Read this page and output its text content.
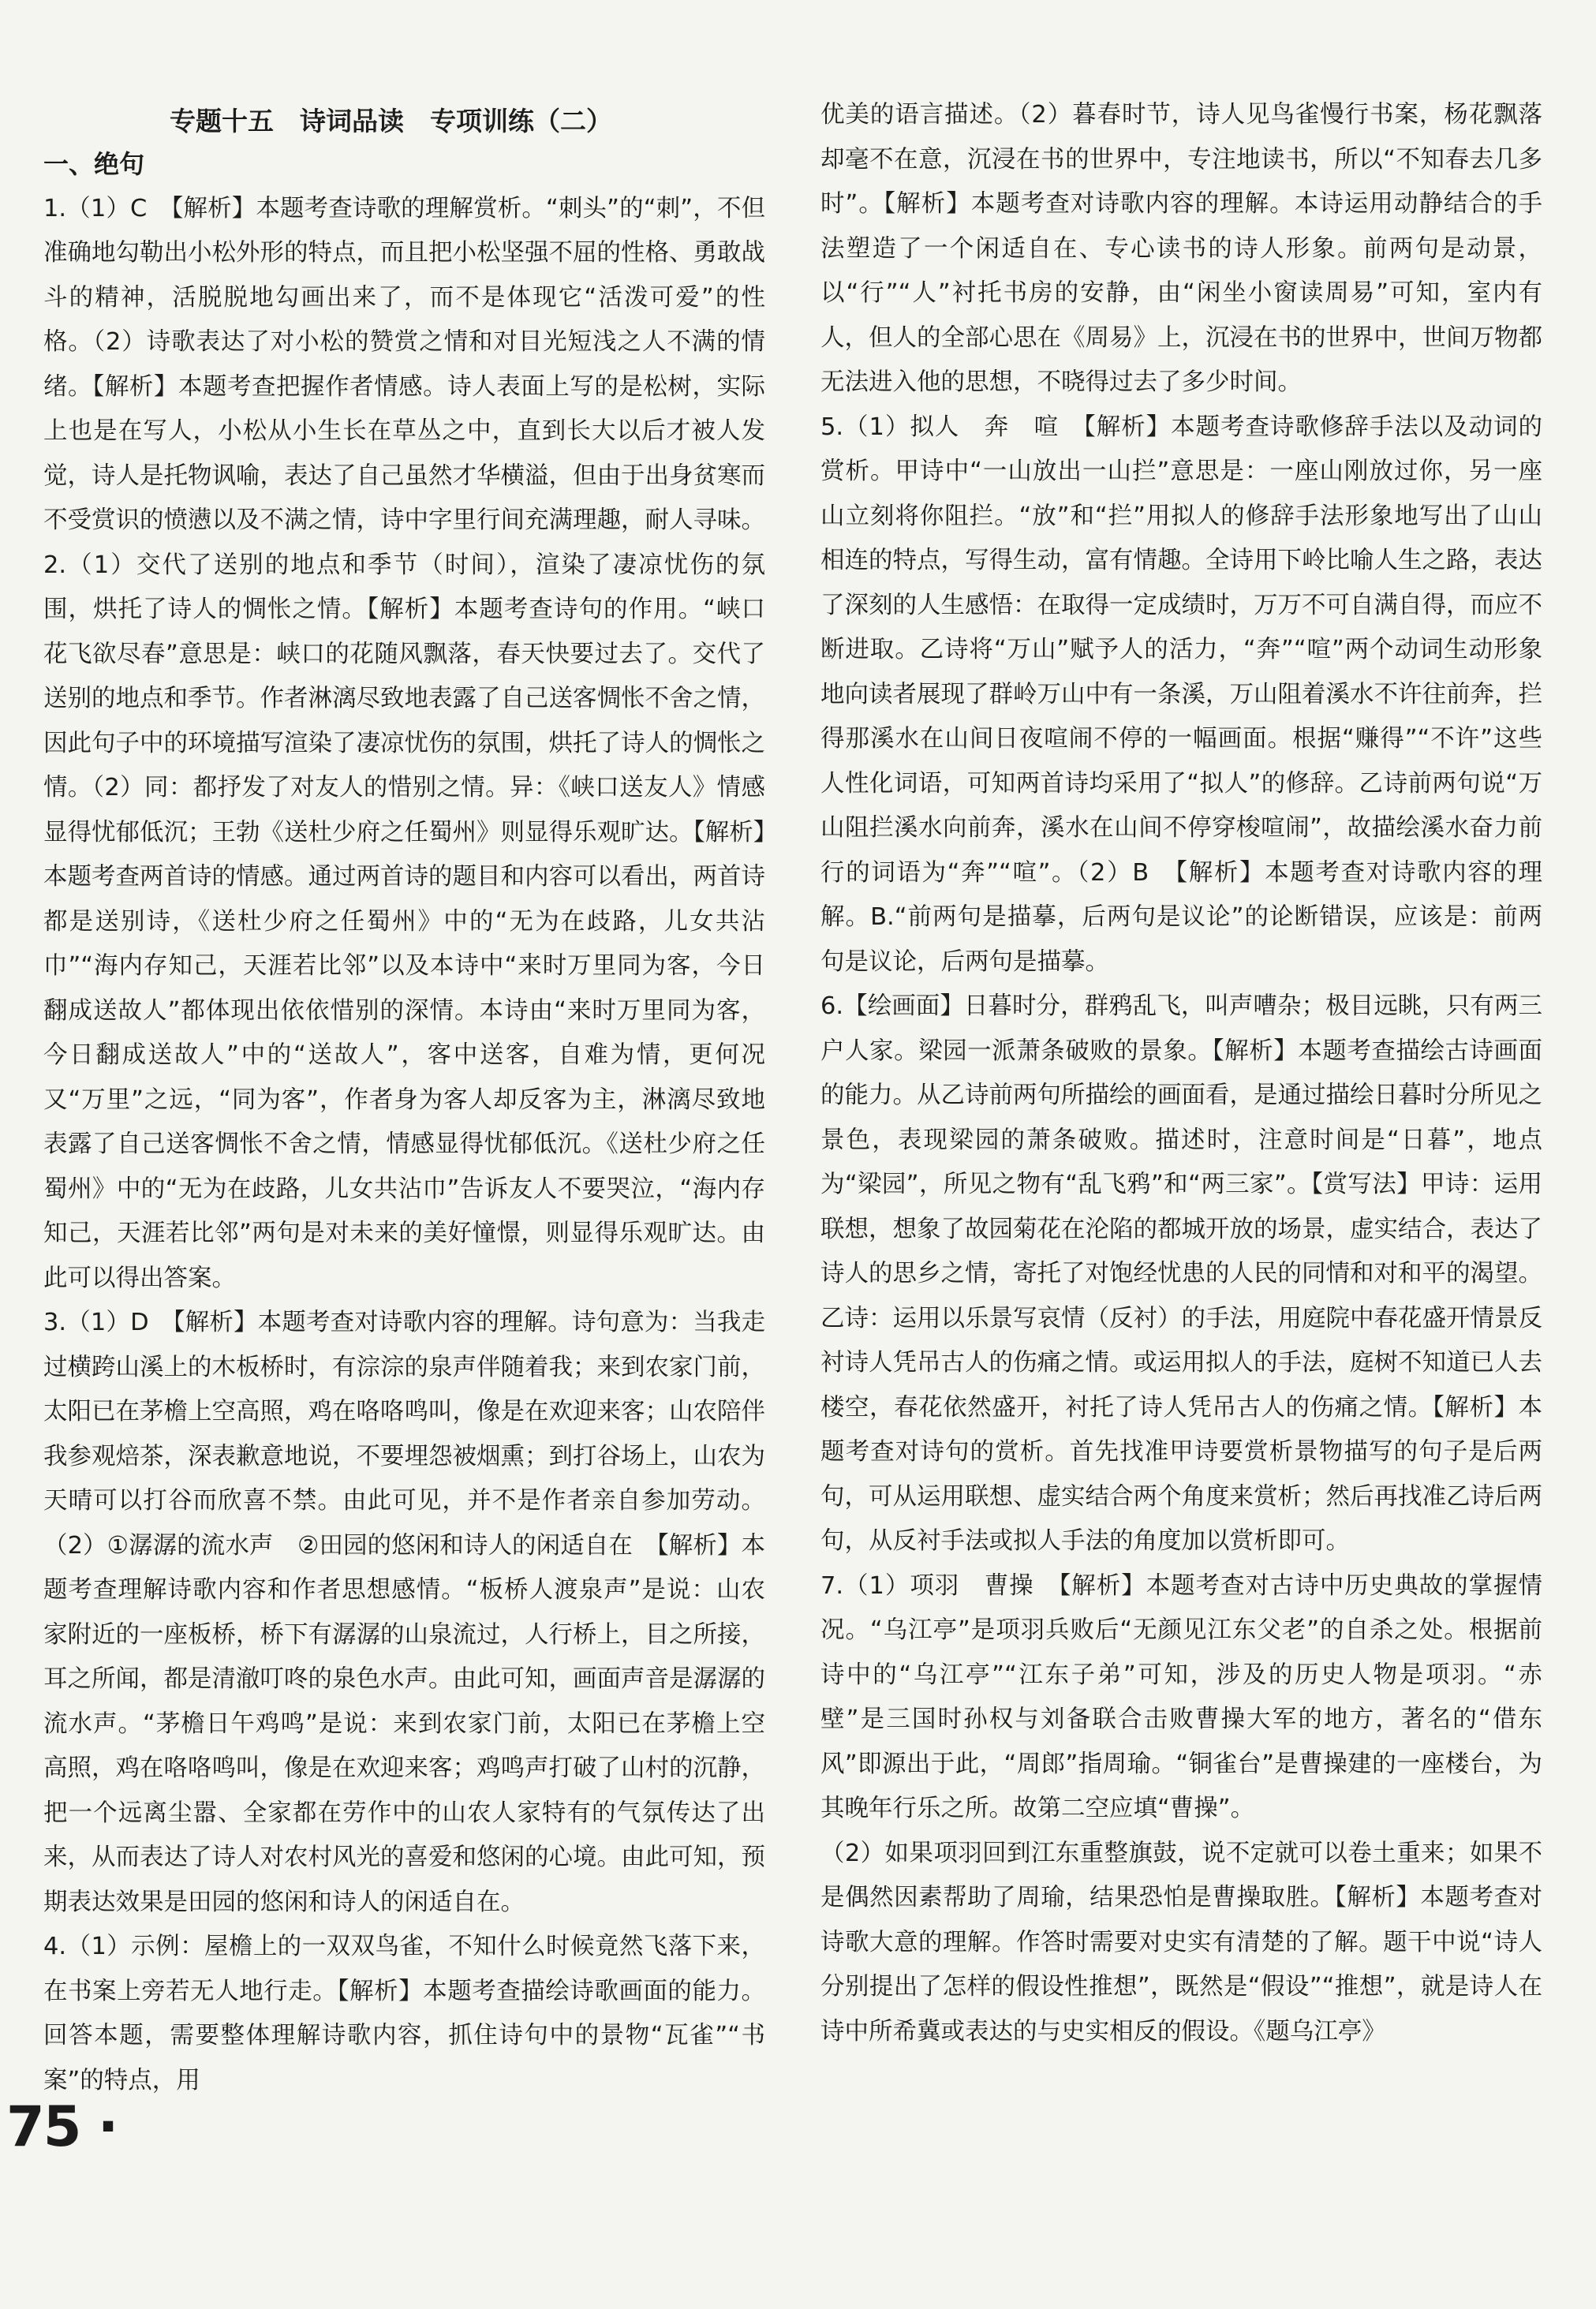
专题十五　诗词品读　专项训练（二）
一、绝句

1.（1）C　【解析】本题考查诗歌的理解赏析。“刺头”的“刺”，不但准确地勾勒出小松外形的特点，而且把小松坚强不屈的性格、勇敢战斗的精神，活脱脱地勾画出来了，而不是体现它“活泼可爱”的性格。（2）诗歌表达了对小松的赞赏之情和对目光短浅之人不满的情绪。【解析】本题考查把握作者情感。诗人表面上写的是松树，实际上也是在写人，小松从小生长在草丛之中，直到长大以后才被人发觉，诗人是托物讽喻，表达了自己虽然才华横溢，但由于出身贫寒而不受赏识的愤懑以及不满之情，诗中字里行间充满理趣，耐人寻味。

2.（1）交代了送别的地点和季节（时间），渲染了凄凉忧伤的氛围，烘托了诗人的惆怅之情。【解析】本题考查诗句的作用。“峡口花飞欲尽春”意思是：峡口的花随风飘落，春天快要过去了。交代了送别的地点和季节。作者淋漓尽致地表露了自己送客惆怅不舍之情，因此句子中的环境描写渲染了凄凉忧伤的氛围，烘托了诗人的惆怅之情。（2）同：都抒发了对友人的惜别之情。异：《峡口送友人》情感显得忧郁低沉；王勃《送杜少府之任蜀州》则显得乐观旷达。【解析】本题考查两首诗的情感。通过两首诗的题目和内容可以看出，两首诗都是送别诗，《送杜少府之任蜀州》中的“无为在歧路，儿女共沾巾”“海内存知己，天涯若比邻”以及本诗中“来时万里同为客，今日翻成送故人”都体现出依依惜别的深情。本诗由“来时万里同为客，今日翻成送故人”中的“送故人”，客中送客，自难为情，更何况又“万里”之远，“同为客”，作者身为客人却反客为主，淋漓尽致地表露了自己送客惆怅不舍之情，情感显得忧郁低沉。《送杜少府之任蜀州》中的“无为在歧路，儿女共沾巾”告诉友人不要哭泣，“海内存知己，天涯若比邻”两句是对未来的美好憧憬，则显得乐观旷达。由此可以得出答案。

3.（1）D　【解析】本题考查对诗歌内容的理解。诗句意为：当我走过横跨山溪上的木板桥时，有淙淙的泉声伴随着我；来到农家门前，太阳已在茅檐上空高照，鸡在咯咯鸣叫，像是在欢迎来客；山农陪伴我参观焙茶，深表歉意地说，不要埋怨被烟熏；到打谷场上，山农为天晴可以打谷而欣喜不禁。由此可见，并不是作者亲自参加劳动。（2）①潺潺的流水声　②田园的悠闲和诗人的闲适自在　【解析】本题考查理解诗歌内容和作者思想感情。“板桥人渡泉声”是说：山农家附近的一座板桥，桥下有潺潺的山泉流过，人行桥上，目之所接，耳之所闻，都是清澈叮咚的泉色水声。由此可知，画面声音是潺潺的流水声。“茅檐日午鸡鸣”是说：来到农家门前，太阳已在茅檐上空高照，鸡在咯咯鸣叫，像是在欢迎来客；鸡鸣声打破了山村的沉静，把一个远离尘嚣、全家都在劳作中的山农人家特有的气氛传达了出来，从而表达了诗人对农村风光的喜爱和悠闲的心境。由此可知，预期表达效果是田园的悠闲和诗人的闲适自在。

4.（1）示例：屋檐上的一双双鸟雀，不知什么时候竟然飞落下来，在书案上旁若无人地行走。【解析】本题考查描绘诗歌画面的能力。回答本题，需要整体理解诗歌内容，抓住诗句中的景物“瓦雀”“书案”的特点，用

优美的语言描述。（2）暮春时节，诗人见鸟雀慢行书案，杨花飘落却毫不在意，沉浸在书的世界中，专注地读书，所以“不知春去几多时”。【解析】本题考查对诗歌内容的理解。本诗运用动静结合的手法塑造了一个闲适自在、专心读书的诗人形象。前两句是动景，以“行”“人”衬托书房的安静，由“闲坐小窗读周易”可知，室内有人，但人的全部心思在《周易》上，沉浸在书的世界中，世间万物都无法进入他的思想，不晓得过去了多少时间。

5.（1）拟人　奔　喧　【解析】本题考查诗歌修辞手法以及动词的赏析。甲诗中“一山放出一山拦”意思是：一座山刚放过你，另一座山立刻将你阻拦。“放”和“拦”用拟人的修辞手法形象地写出了山山相连的特点，写得生动，富有情趣。全诗用下岭比喻人生之路，表达了深刻的人生感悟：在取得一定成绩时，万万不可自满自得，而应不断进取。乙诗将“万山”赋予人的活力，“奔”“喧”两个动词生动形象地向读者展现了群岭万山中有一条溪，万山阻着溪水不许往前奔，拦得那溪水在山间日夜喧闹不停的一幅画面。根据“赚得”“不许”这些人性化词语，可知两首诗均采用了“拟人”的修辞。乙诗前两句说“万山阻拦溪水向前奔，溪水在山间不停穿梭喧闹”，故描绘溪水奋力前行的词语为“奔”“喧”。（2）B　【解析】本题考查对诗歌内容的理解。B.“前两句是描摹，后两句是议论”的论断错误，应该是：前两句是议论，后两句是描摹。

6.【绘画面】日暮时分，群鸦乱飞，叫声嘈杂；极目远眺，只有两三户人家。梁园一派萧条破败的景象。【解析】本题考查描绘古诗画面的能力。从乙诗前两句所描绘的画面看，是通过描绘日暮时分所见之景色，表现梁园的萧条破败。描述时，注意时间是“日暮”，地点为“梁园”，所见之物有“乱飞鸦”和“两三家”。【赏写法】甲诗：运用联想，想象了故园菊花在沦陷的都城开放的场景，虚实结合，表达了诗人的思乡之情，寄托了对饱经忧患的人民的同情和对和平的渴望。乙诗：运用以乐景写哀情（反衬）的手法，用庭院中春花盛开情景反衬诗人凭吊古人的伤痛之情。或运用拟人的手法，庭树不知道已人去楼空，春花依然盛开，衬托了诗人凭吊古人的伤痛之情。【解析】本题考查对诗句的赏析。首先找准甲诗要赏析景物描写的句子是后两句，可从运用联想、虚实结合两个角度来赏析；然后再找准乙诗后两句，从反衬手法或拟人手法的角度加以赏析即可。

7.（1）项羽　曹操　【解析】本题考查对古诗中历史典故的掌握情况。“乌江亭”是项羽兵败后“无颜见江东父老”的自杀之处。根据前诗中的“乌江亭”“江东子弟”可知，涉及的历史人物是项羽。“赤壁”是三国时孙权与刘备联合击败曹操大军的地方，著名的“借东风”即源出于此，“周郎”指周瑜。“铜雀台”是曹操建的一座楼台，为其晚年行乐之所。故第二空应填“曹操”。

（2）如果项羽回到江东重整旗鼓，说不定就可以卷土重来；如果不是偶然因素帮助了周瑜，结果恐怕是曹操取胜。【解析】本题考查对诗歌大意的理解。作答时需要对史实有清楚的了解。题干中说“诗人分别提出了怎样的假设性推想”，既然是“假设”“推想”，就是诗人在诗中所希冀或表达的与史实相反的假设。《题乌江亭》

75 ·
